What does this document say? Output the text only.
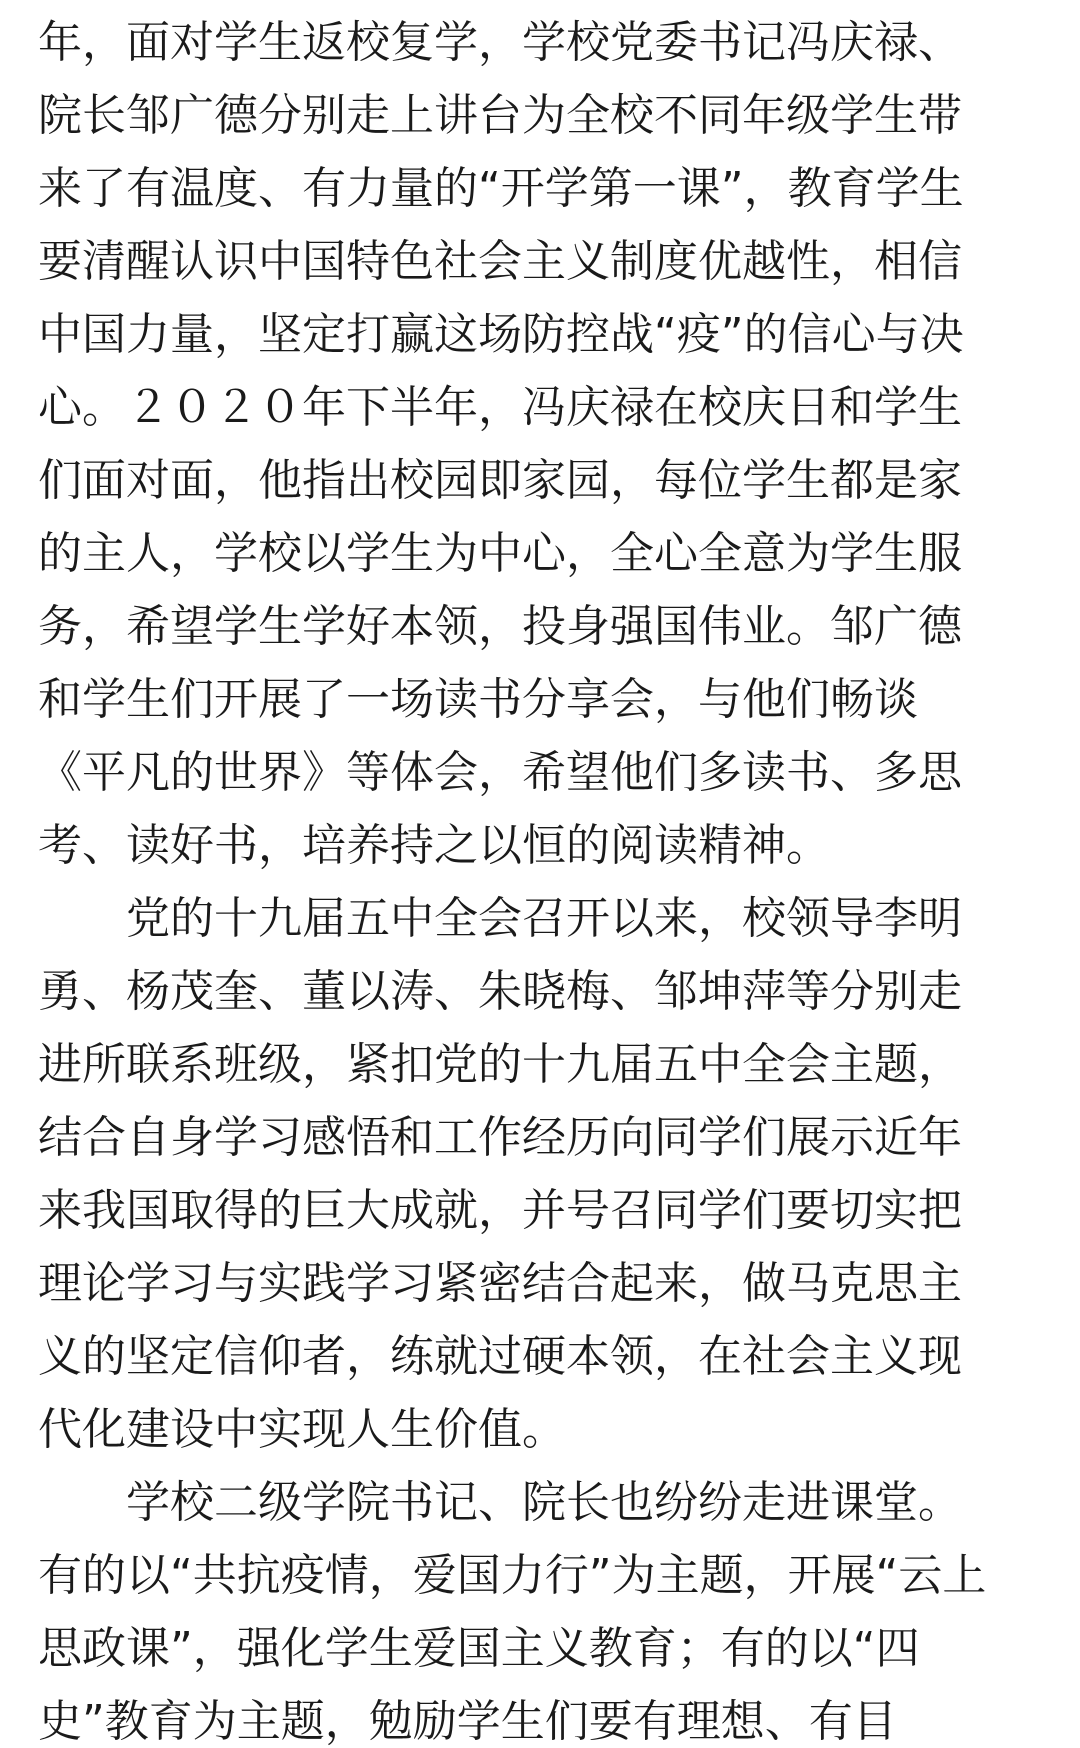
年，面对学生返校复学，学校党委书记冯庆禄、
院长邹广德分别走上讲台为全校不同年级学生带
来了有温度、有力量的“开学第一课”，教育学生
要清醒认识中国特色社会主义制度优越性，相信
中国力量，坚定打赢这场防控战“疫”的信心与决
心。２０２０年下半年，冯庆禄在校庆日和学生
们面对面，他指出校园即家园，每位学生都是家
的主人，学校以学生为中心，全心全意为学生服
务，希望学生学好本领，投身强国伟业。邹广德
和学生们开展了一场读书分享会，与他们畅谈
《平凡的世界》等体会，希望他们多读书、多思
考、读好书，培养持之以恒的阅读精神。
　　党的十九届五中全会召开以来，校领导李明
勇、杨茂奎、董以涛、朱晓梅、邹坤萍等分别走
进所联系班级，紧扣党的十九届五中全会主题，
结合自身学习感悟和工作经历向同学们展示近年
来我国取得的巨大成就，并号召同学们要切实把
理论学习与实践学习紧密结合起来，做马克思主
义的坚定信仰者，练就过硬本领，在社会主义现
代化建设中实现人生价值。
　　学校二级学院书记、院长也纷纷走进课堂。
有的以“共抗疫情，爱国力行”为主题，开展“云上
思政课”，强化学生爱国主义教育；有的以“四
史”教育为主题，勉励学生们要有理想、有目
